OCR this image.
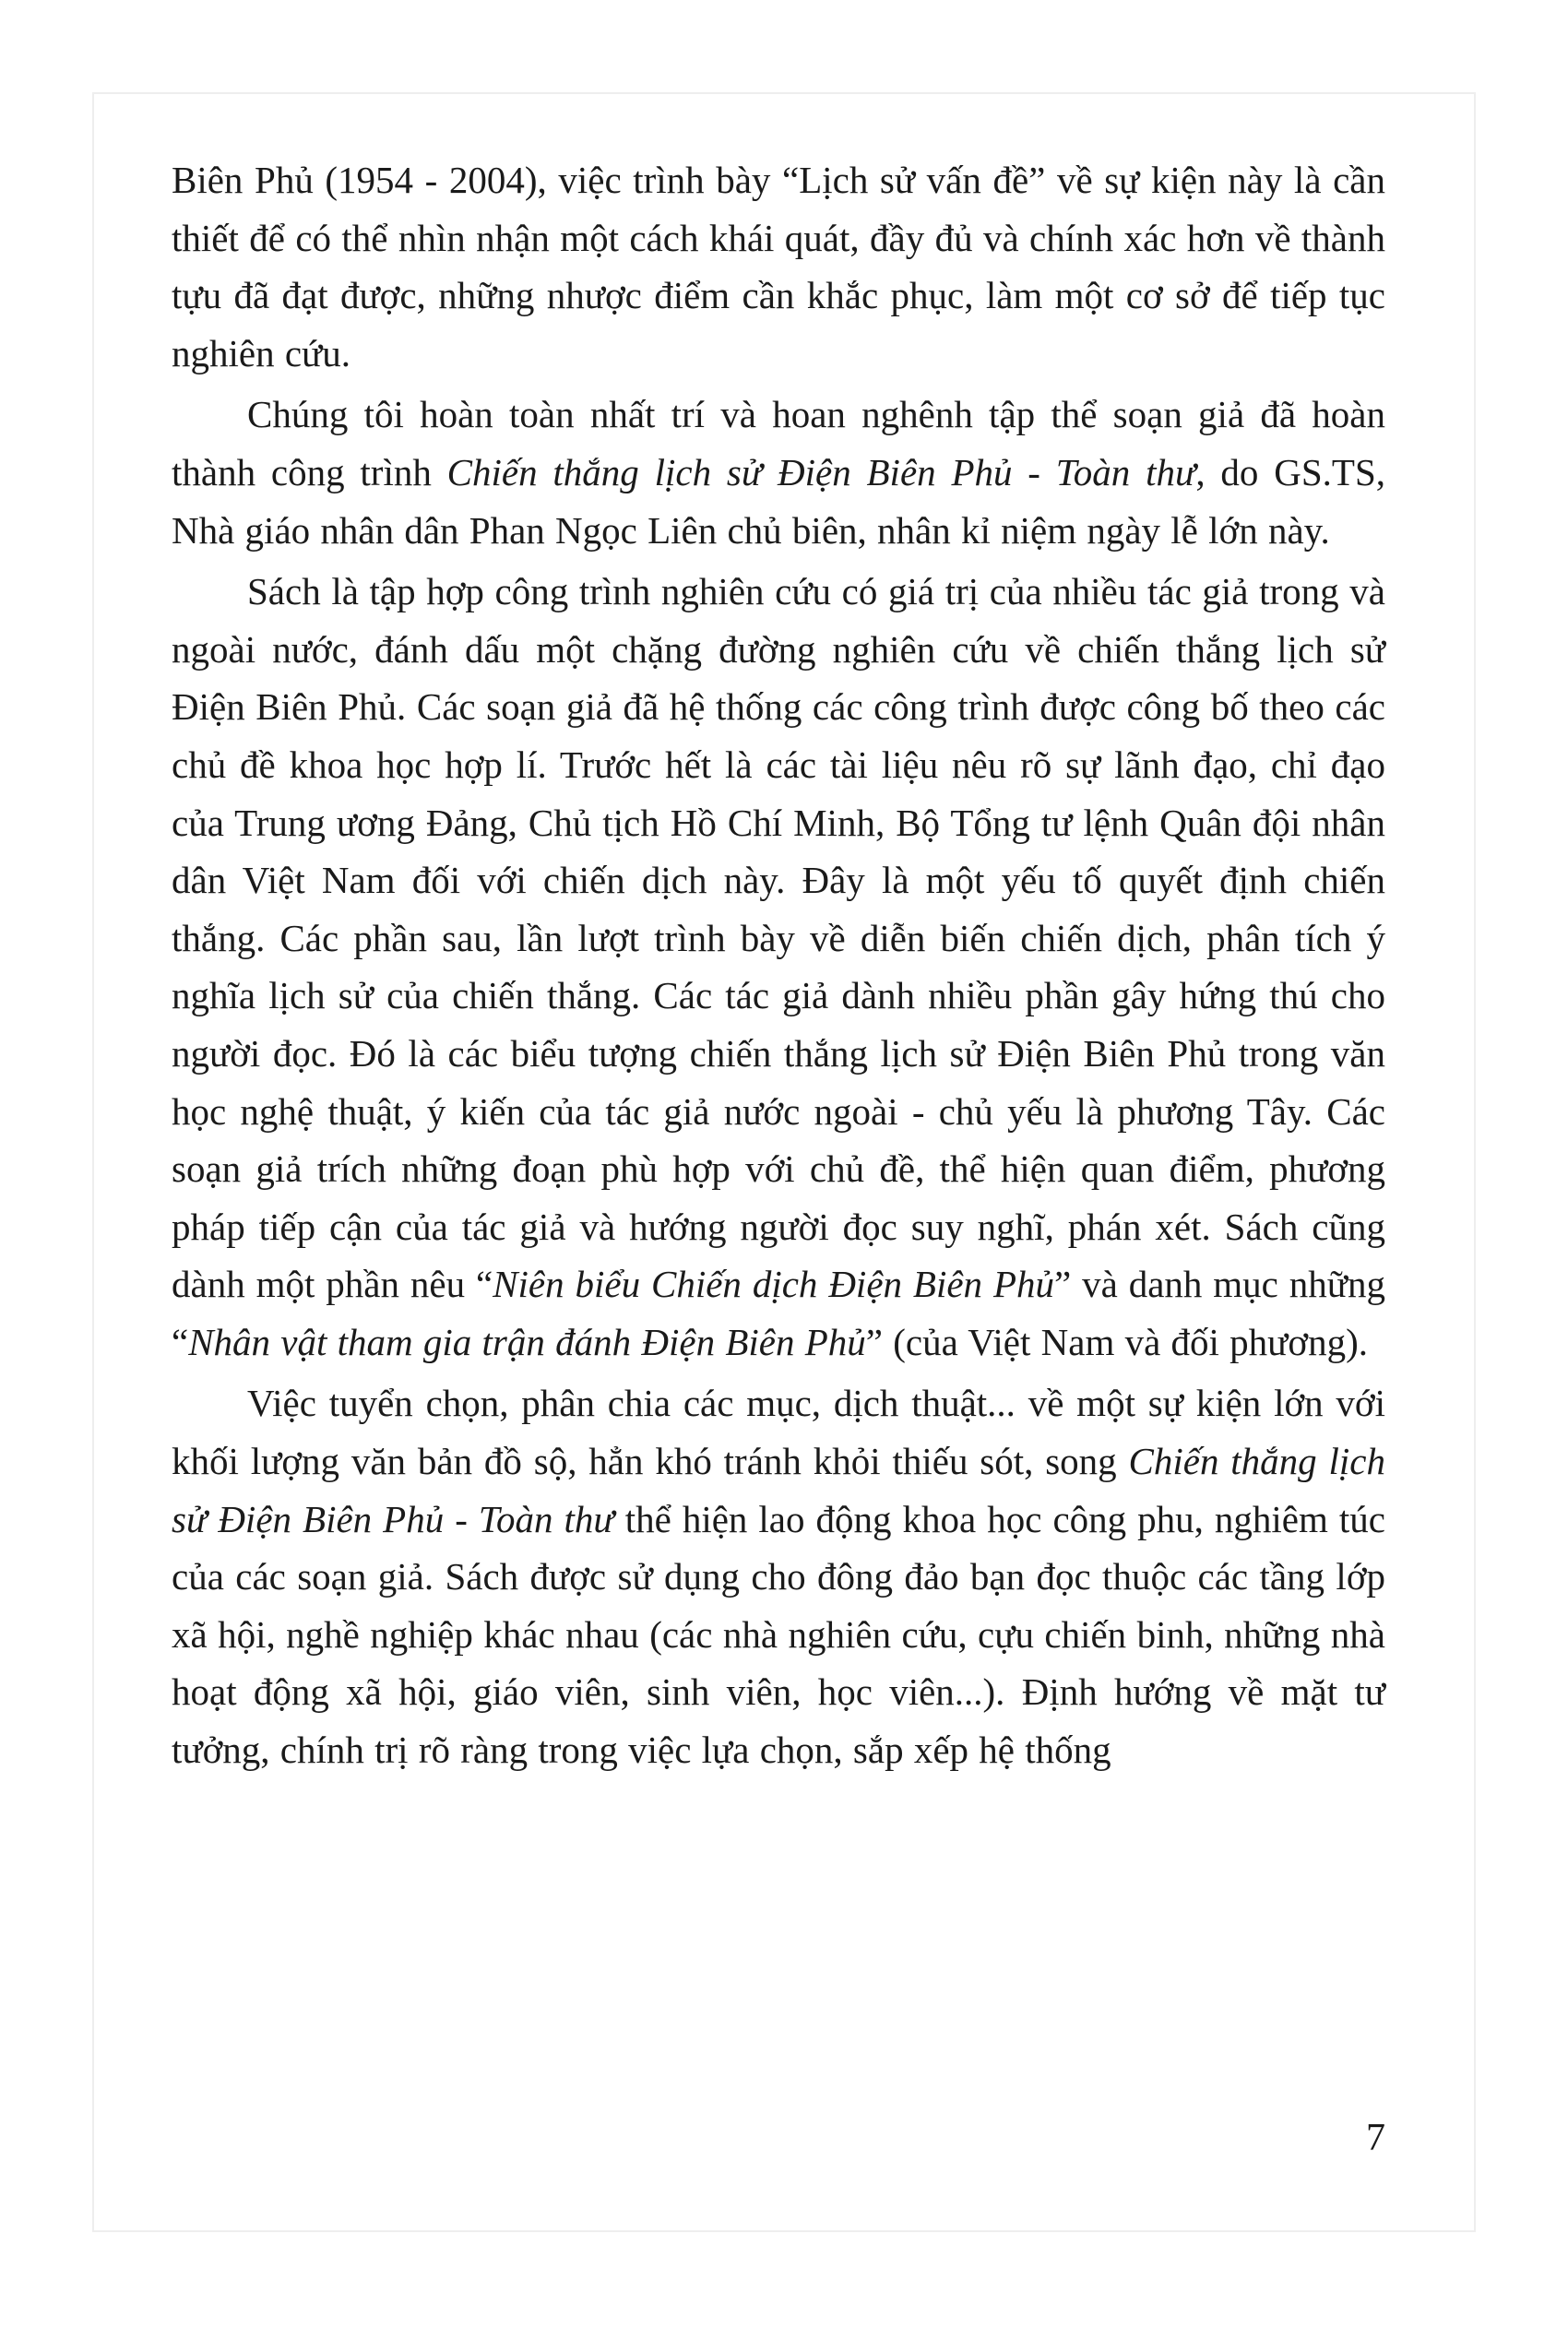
Biên Phủ (1954 - 2004), việc trình bày “Lịch sử vấn đề” về sự kiện này là cần thiết để có thể nhìn nhận một cách khái quát, đầy đủ và chính xác hơn về thành tựu đã đạt được, những nhược điểm cần khắc phục, làm một cơ sở để tiếp tục nghiên cứu.

Chúng tôi hoàn toàn nhất trí và hoan nghênh tập thể soạn giả đã hoàn thành công trình Chiến thắng lịch sử Điện Biên Phủ - Toàn thư, do GS.TS, Nhà giáo nhân dân Phan Ngọc Liên chủ biên, nhân kỉ niệm ngày lễ lớn này.

Sách là tập hợp công trình nghiên cứu có giá trị của nhiều tác giả trong và ngoài nước, đánh dấu một chặng đường nghiên cứu về chiến thắng lịch sử Điện Biên Phủ. Các soạn giả đã hệ thống các công trình được công bố theo các chủ đề khoa học hợp lí. Trước hết là các tài liệu nêu rõ sự lãnh đạo, chỉ đạo của Trung ương Đảng, Chủ tịch Hồ Chí Minh, Bộ Tổng tư lệnh Quân đội nhân dân Việt Nam đối với chiến dịch này. Đây là một yếu tố quyết định chiến thắng. Các phần sau, lần lượt trình bày về diễn biến chiến dịch, phân tích ý nghĩa lịch sử của chiến thắng. Các tác giả dành nhiều phần gây hứng thú cho người đọc. Đó là các biểu tượng chiến thắng lịch sử Điện Biên Phủ trong văn học nghệ thuật, ý kiến của tác giả nước ngoài - chủ yếu là phương Tây. Các soạn giả trích những đoạn phù hợp với chủ đề, thể hiện quan điểm, phương pháp tiếp cận của tác giả và hướng người đọc suy nghĩ, phán xét. Sách cũng dành một phần nêu “Niên biểu Chiến dịch Điện Biên Phủ” và danh mục những “Nhân vật tham gia trận đánh Điện Biên Phủ” (của Việt Nam và đối phương).

Việc tuyển chọn, phân chia các mục, dịch thuật... về một sự kiện lớn với khối lượng văn bản đồ sộ, hẳn khó tránh khỏi thiếu sót, song Chiến thắng lịch sử Điện Biên Phủ - Toàn thư thể hiện lao động khoa học công phu, nghiêm túc của các soạn giả. Sách được sử dụng cho đông đảo bạn đọc thuộc các tầng lớp xã hội, nghề nghiệp khác nhau (các nhà nghiên cứu, cựu chiến binh, những nhà hoạt động xã hội, giáo viên, sinh viên, học viên...). Định hướng về mặt tư tưởng, chính trị rõ ràng trong việc lựa chọn, sắp xếp hệ thống

7
